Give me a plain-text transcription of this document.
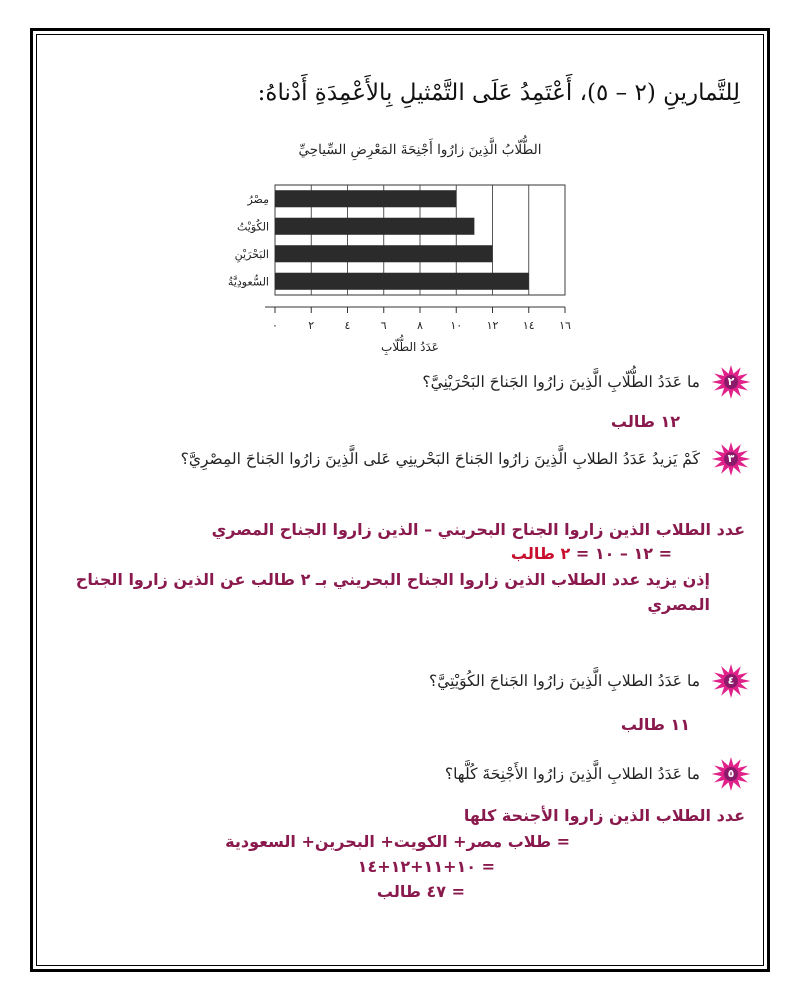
لِلتَّمارينِ (٢ – ٥)، أَعْتَمِدُ عَلَى التَّمْثيلِ بِالأَعْمِدَةِ أَدْناهُ:
الطُّلّابُ الَّذِينَ زارُوا أَجْنِحَةَ المَعْرِضِ السِّياحِيِّ
مِصْرُ
الكُوَيْتُ
البَحْرَيْنِ
السُّعودِيَّةُ
٠	٢	٤	٦	٨ ١٠ ١٢ ١٤ ١٦
عَدَدُ الطُّلّابِ
٢
ما عَدَدُ الطُّلّابِ الَّذِينَ زارُوا الجَناحَ البَحْرَيْنِيَّ؟
١٢ طالب
٣
كَمْ يَزيدُ عَدَدُ الطلابِ الَّذِينَ زارُوا الجَناحَ البَحْرينِي عَلى الَّذِينَ زارُوا الجَناحَ المِصْرِيَّ؟
عدد الطلاب الذين زاروا الجناح البحريني – الذين زاروا الجناح المصري
= ١٢ – ١٠ = ٢ طالب
إذن يزيد عدد الطلاب الذين زاروا الجناح البحريني بـ ٢ طالب عن الذين زاروا الجناح
المصري
٤
ما عَدَدُ الطلابِ الَّذِينَ زارُوا الجَناحَ الكُوَيْتِيَّ؟
١١ طالب
٥
ما عَدَدُ الطلابِ الَّذِينَ زارُوا الأَجْنِحَةَ كُلَّها؟
عدد الطلاب الذين زاروا الأجنحة كلها
= طلاب مصر+ الكويت+ البحرين+ السعودية
= ١٠+١١+١٢+١٤
= ٤٧ طالب
